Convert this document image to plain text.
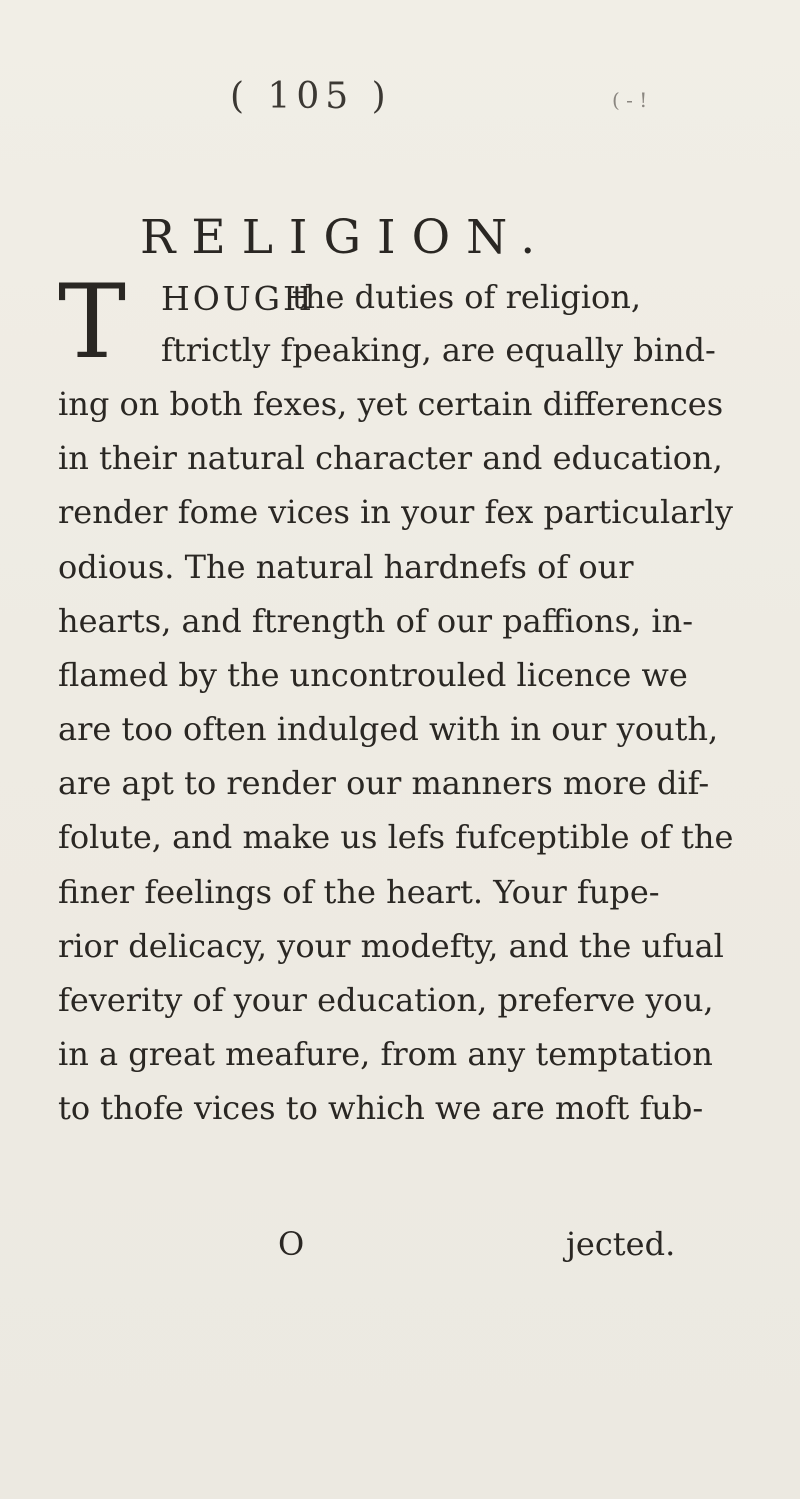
( 105 )	( - !
RELIGION.
T HOUGH
the duties of religion,
ftrictly fpeaking, are equally bind-
ing on both fexes, yet certain differences
in their natural character and education,
render fome vices in your fex particularly
odious. The natural hardnefs of our
hearts, and ftrength of our paffions, in-
flamed by the uncontrouled licence we
are too often indulged with in our youth,
are apt to render our manners more dif-
folute, and make us lefs fufceptible of the
finer feelings of the heart. Your fupe-
rior delicacy, your modefty, and the ufual
feverity of your education, preferve you,
in a great meafure, from any temptation
to thofe vices to which we are moft fub-
O	jected.
